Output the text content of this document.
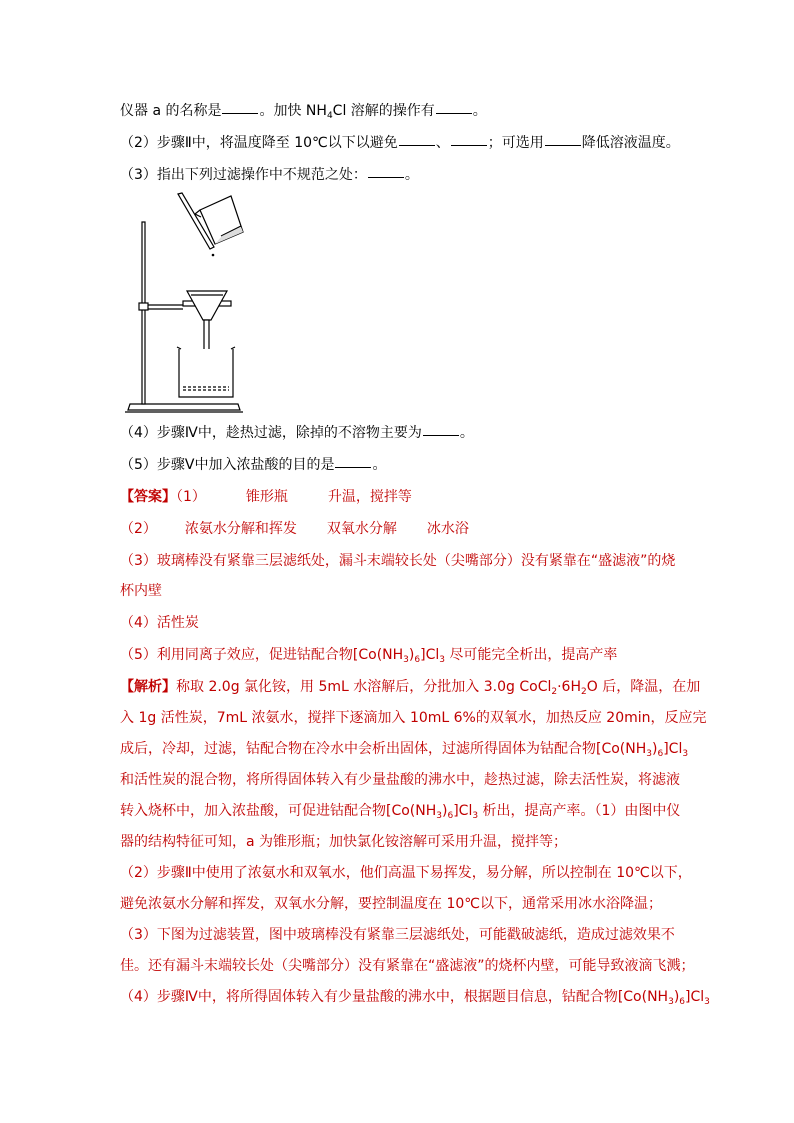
仪器 a 的名称是	。加快 $NH_4Cl$ 溶解的操作有	。
（2）步骤Ⅱ中，将温度降至 10℃以下以避免	、	；可选用	降低溶液温度。
（3）指出下列过滤操作中不规范之处：	。
（4）步骤Ⅳ中，趁热过滤，除掉的不溶物主要为	。
（5）步骤Ⅴ中加入浓盐酸的目的是	。
【答案】（1）	锥形瓶	升温，搅拌等
（2） 浓氨水分解和挥发 双氧水分解 冰水浴
（3）玻璃棒没有紧靠三层滤纸处，漏斗末端较长处（尖嘴部分）没有紧靠在“盛滤液”的烧
杯内壁
（4）活性炭
（5）利用同离子效应，促进钴配合物$[Co(NH_3)_6]Cl_3$ 尽可能完全析出，提高产率
【解析】称取 2.0g 氯化铵，用 5mL 水溶解后，分批加入 3.0g $CoCl_2\cdot 6H_2O$ 后，降温，在加
入 1g 活性炭，7mL 浓氨水，搅拌下逐滴加入 10mL 6%的双氧水，加热反应 20min，反应完
成后，冷却，过滤，钴配合物在冷水中会析出固体，过滤所得固体为钴配合物$[Co(NH_3)_6]Cl_3$
和活性炭的混合物，将所得固体转入有少量盐酸的沸水中，趁热过滤，除去活性炭，将滤液
转入烧杯中，加入浓盐酸，可促进钴配合物$[Co(NH_3)_6]Cl_3$ 析出，提高产率。（1）由图中仪
器的结构特征可知，a 为锥形瓶；加快氯化铵溶解可采用升温，搅拌等；
（2）步骤Ⅱ中使用了浓氨水和双氧水，他们高温下易挥发，易分解，所以控制在 10℃以下，
避免浓氨水分解和挥发，双氧水分解，要控制温度在 10℃以下，通常采用冰水浴降温；
（3）下图为过滤装置，图中玻璃棒没有紧靠三层滤纸处，可能戳破滤纸，造成过滤效果不
佳。还有漏斗末端较长处（尖嘴部分）没有紧靠在“盛滤液”的烧杯内壁，可能导致液滴飞溅；
（4）步骤Ⅳ中，将所得固体转入有少量盐酸的沸水中，根据题目信息，钴配合物$[Co(NH_3)_6]Cl_3$
